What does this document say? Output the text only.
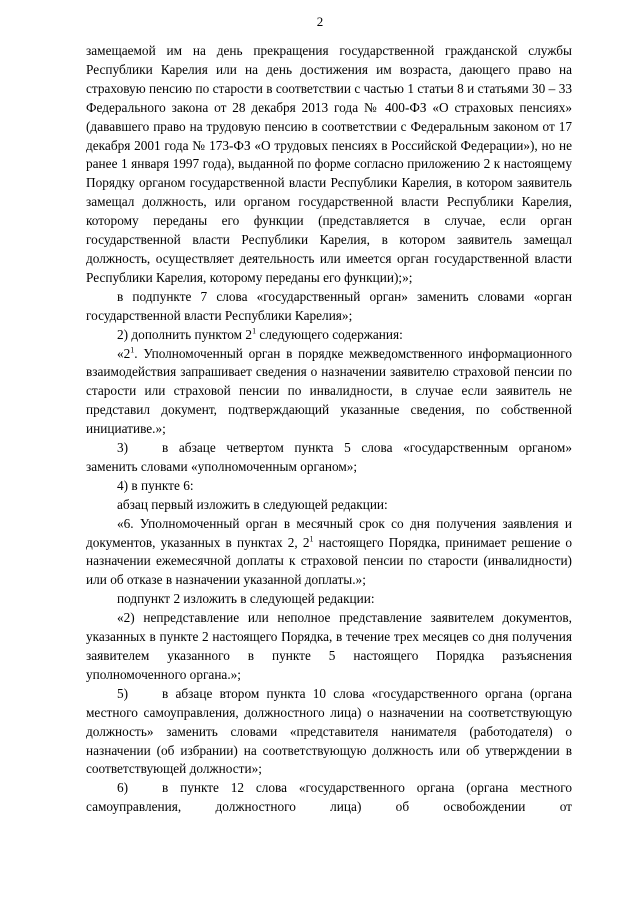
2

замещаемой им на день прекращения государственной гражданской службы Республики Карелия или на день достижения им возраста, дающего право на страховую пенсию по старости в соответствии с частью 1 статьи 8 и статьями 30 – 33 Федерального закона от 28 декабря 2013 года № 400-ФЗ «О страховых пенсиях» (дававшего право на трудовую пенсию в соответствии с Федеральным законом от 17 декабря 2001 года № 173-ФЗ «О трудовых пенсиях в Российской Федерации»), но не ранее 1 января 1997 года), выданной по форме согласно приложению 2 к настоящему Порядку органом государственной власти Республики Карелия, в котором заявитель замещал должность, или органом государственной власти Республики Карелия, которому переданы его функции (представляется в случае, если орган государственной власти Республики Карелия, в котором заявитель замещал должность, осуществляет деятельность или имеется орган государственной власти Республики Карелия, которому переданы его функции);»;

в подпункте 7 слова «государственный орган» заменить словами «орган государственной власти Республики Карелия»;

2) дополнить пунктом $2^1$ следующего содержания:

«$2^1$. Уполномоченный орган в порядке межведомственного информационного взаимодействия запрашивает сведения о назначении заявителю страховой пенсии по старости или страховой пенсии по инвалидности, в случае если заявитель не представил документ, подтверждающий указанные сведения, по собственной инициативе.»;

3)	в абзаце четвертом пункта 5 слова «государственным органом» заменить словами «уполномоченным органом»;

4) в пункте 6:

абзац первый изложить в следующей редакции:

«6. Уполномоченный орган в месячный срок со дня получения заявления и документов, указанных в пунктах 2, $2^1$ настоящего Порядка, принимает решение о назначении ежемесячной доплаты к страховой пенсии по старости (инвалидности) или об отказе в назначении указанной доплаты.»;

подпункт 2 изложить в следующей редакции:

«2) непредставление или неполное представление заявителем документов, указанных в пункте 2 настоящего Порядка, в течение трех месяцев со дня получения заявителем указанного в пункте 5 настоящего Порядка разъяснения уполномоченного органа.»;

5)	в абзаце втором пункта 10 слова «государственного органа (органа местного самоуправления, должностного лица) о назначении на соответствующую должность» заменить словами «представителя нанимателя (работодателя) о назначении (об избрании) на соответствующую должность или об утверждении в соответствующей должности»;

6)	в пункте 12 слова «государственного органа (органа местного самоуправления, должностного лица) об освобождении от
